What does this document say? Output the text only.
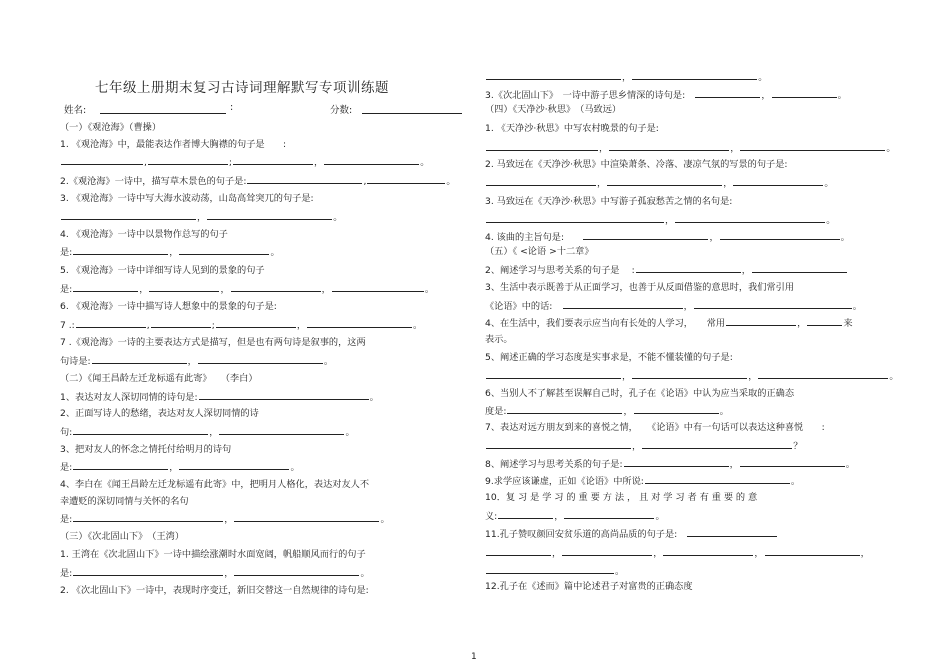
七年级上册期末复习古诗词理解默写专项训练题
姓名:	:	分数:
（一）《观沧海》（曹操）
1. 《观沧海》中，最能表达作者博大胸襟的句子是　　:
,	;	，	。
2.《观沧海》一诗中，描写草木景色的句子是:	,	。
3. 《观沧海》一诗中写大海水波动荡，山岛高耸突兀的句子是:
，	。
4. 《观沧海》一诗中以景物作总写的句子
是:	，	。
5. 《观沧海》一诗中详细写诗人见到的景象的句子
是:	，	，	，	。
6. 《观沧海》一诗中描写诗人想象中的景象的句子是:
7 .:	,	;	，	。
7 .《观沧海》一诗的主要表达方式是描写，但是也有两句诗是叙事的，这两
句诗是:	，	。
（二）《闻王昌龄左迁龙标遥有此寄》　　（李白）
1、表达对友人深切同情的诗句是:	。
2、正面写诗人的愁绪，表达对友人深切同情的诗
句:	，	。
3、把对友人的怀念之情托付给明月的诗句
是:	，	。
4、李白在《闻王昌龄左迁龙标遥有此寄》中，把明月人格化，表达对友人不
幸遭贬的深切同情与关怀的名句
是:	，	。
（三）《次北固山下》　（王湾）
1. 王湾在《次北固山下》一诗中描绘涨潮时水面宽阔，帆船顺风而行的句子
是:	，	。
2. 《次北固山下》一诗中，表现时序变迁，新旧交替这一自然规律的诗句是:
，	。
3.《次北固山下》　一诗中游子思乡情深的诗句是:　	，	。
（四）《天净沙·秋思》　（马致远）
1. 《天净沙·秋思》中写农村晚景的句子是:
，	，	。
2. 马致远在《天净沙·秋思》中渲染萧条、冷落、凄凉气氛的写景的句子是:
，	，	。
3. 马致远在《天净沙·秋思》中写游子孤寂愁苦之情的名句是:
，	。
4. 该曲的主旨句是:　　	，	。
（五）《 <论语 >十二章》
2、阐述学习与思考关系的句子是　 :	，
3、生活中表示既善于从正面学习，也善于从反面借鉴的意思时，我们常引用
《论语》中的话:　	，	。
4、在生活中，我们要表示应当向有长处的人学习，　　常用	，	来
表示。
5、阐述正确的学习态度是实事求是，不能不懂装懂的句子是:
，	，	。
6、当别人不了解甚至误解自己时，孔子在《论语》中认为应当采取的正确态
度是:	，	。
7、表达对远方朋友到来的喜悦之情，　　《论语》中有一句话可以表达这种喜悦　　:
，	？
8、阐述学习与思考关系的句子是:	，	。
9.求学应该谦虚，正如《论语》中所说:	。
10．复 习 是 学 习 的 重 要 方 法 ， 且 对 学 习 者 有 重 要 的 意
义:	，	。
11.孔子赞叹颜回安贫乐道的高尚品质的句子是:　
，	，	，	，
。
12.孔子在《述而》篇中论述君子对富贵的正确态度
1
